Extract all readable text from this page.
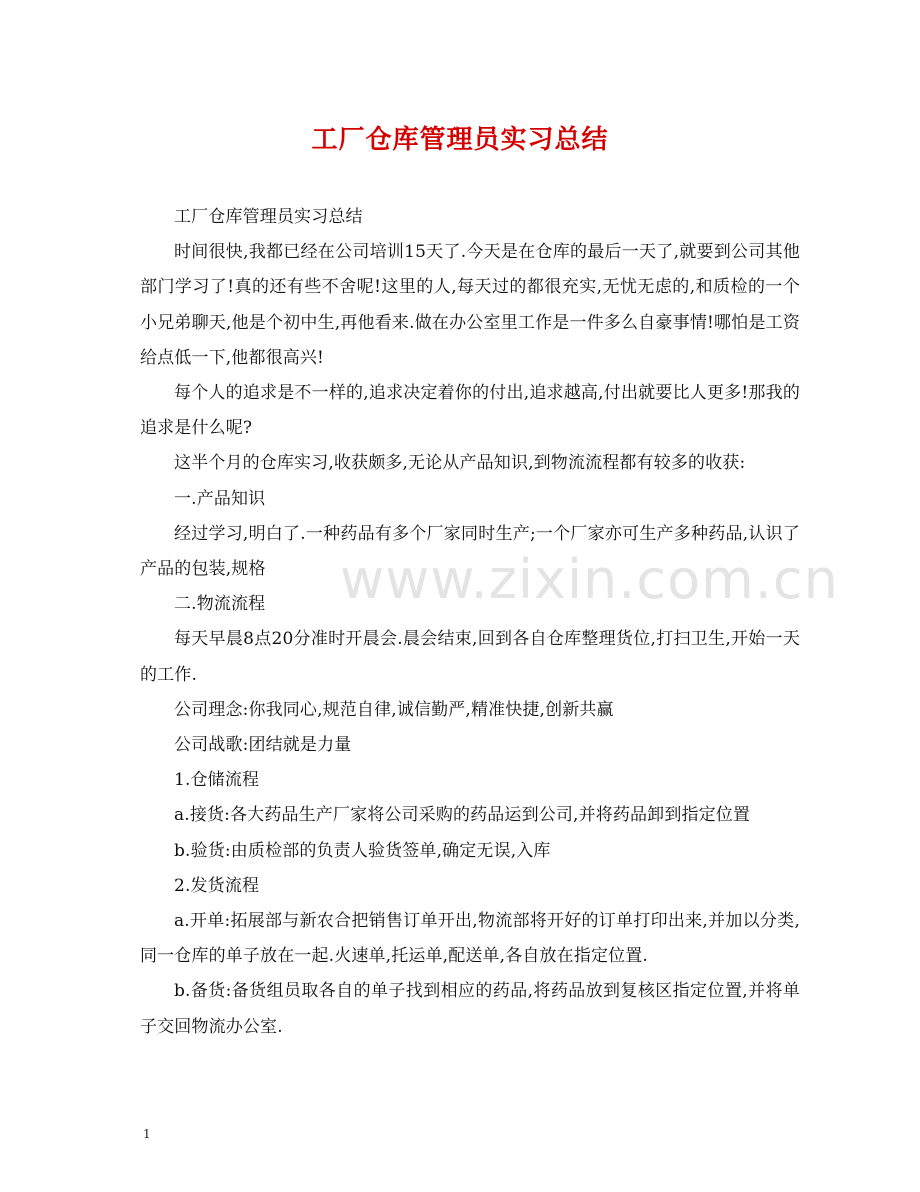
工厂仓库管理员实习总结
www.zixin.com.cn

工厂仓库管理员实习总结

时间很快,我都已经在公司培训15天了.今天是在仓库的最后一天了,就要到公司其他部门学习了!真的还有些不舍呢!这里的人,每天过的都很充实,无忧无虑的,和质检的一个小兄弟聊天,他是个初中生,再他看来.做在办公室里工作是一件多么自豪事情!哪怕是工资给点低一下,他都很高兴!

每个人的追求是不一样的,追求决定着你的付出,追求越高,付出就要比人更多!那我的追求是什么呢?

这半个月的仓库实习,收获颇多,无论从产品知识,到物流流程都有较多的收获:

一.产品知识

经过学习,明白了.一种药品有多个厂家同时生产;一个厂家亦可生产多种药品,认识了产品的包装,规格

二.物流流程

每天早晨8点20分准时开晨会.晨会结束,回到各自仓库整理货位,打扫卫生,开始一天的工作.

公司理念:你我同心,规范自律,诚信勤严,精准快捷,创新共赢

公司战歌:团结就是力量

1.仓储流程

a.接货:各大药品生产厂家将公司采购的药品运到公司,并将药品卸到指定位置

b.验货:由质检部的负责人验货签单,确定无误,入库

2.发货流程

a.开单:拓展部与新农合把销售订单开出,物流部将开好的订单打印出来,并加以分类,同一仓库的单子放在一起.火速单,托运单,配送单,各自放在指定位置.

b.备货:备货组员取各自的单子找到相应的药品,将药品放到复核区指定位置,并将单子交回物流办公室.

1
